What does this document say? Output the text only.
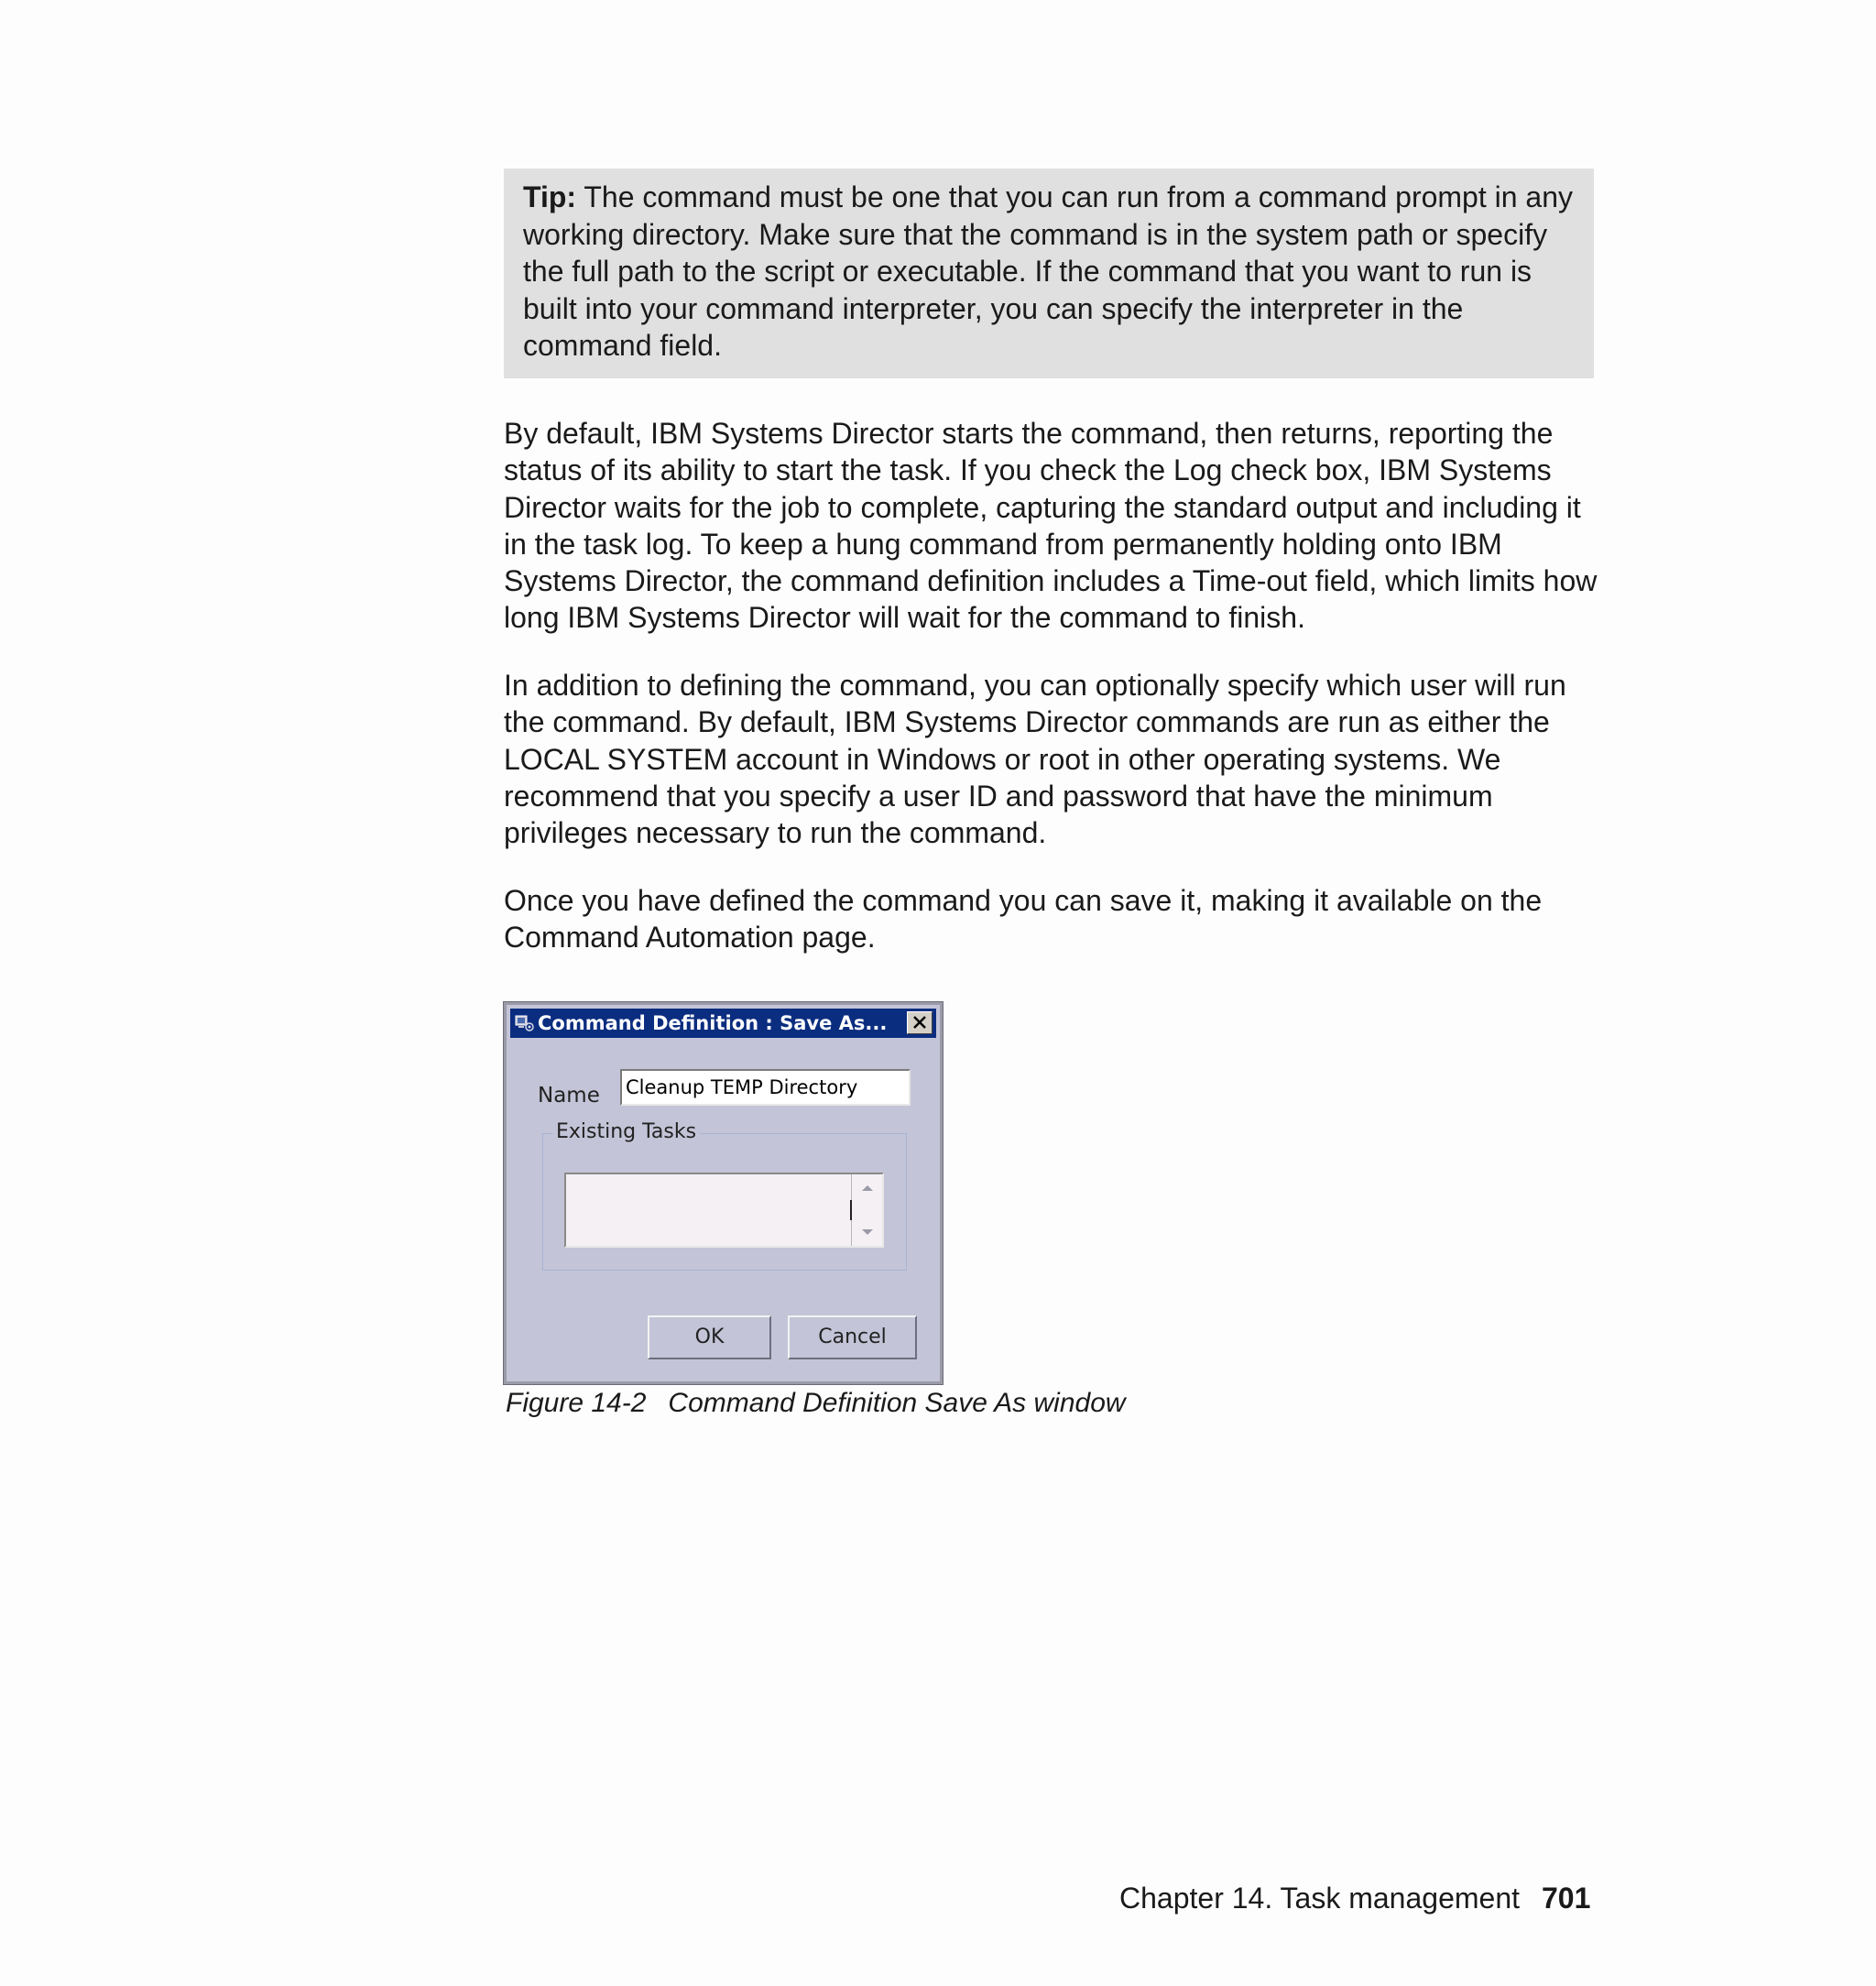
Tip: The command must be one that you can run from a command prompt in any working directory. Make sure that the command is in the system path or specify the full path to the script or executable. If the command that you want to run is built into your command interpreter, you can specify the interpreter in the command field.

By default, IBM Systems Director starts the command, then returns, reporting the status of its ability to start the task. If you check the Log check box, IBM Systems Director waits for the job to complete, capturing the standard output and including it in the task log. To keep a hung command from permanently holding onto IBM Systems Director, the command definition includes a Time-out field, which limits how long IBM Systems Director will wait for the command to finish.

In addition to defining the command, you can optionally specify which user will run the command. By default, IBM Systems Director commands are run as either the LOCAL SYSTEM account in Windows or root in other operating systems. We recommend that you specify a user ID and password that have the minimum privileges necessary to run the command.

Once you have defined the command you can save it, making it available on the Command Automation page.

Command Definition : Save As...
Name
Cleanup TEMP Directory
Existing Tasks
OK	Cancel
Figure 14-2 Command Definition Save As window
Chapter 14. Task management 701
